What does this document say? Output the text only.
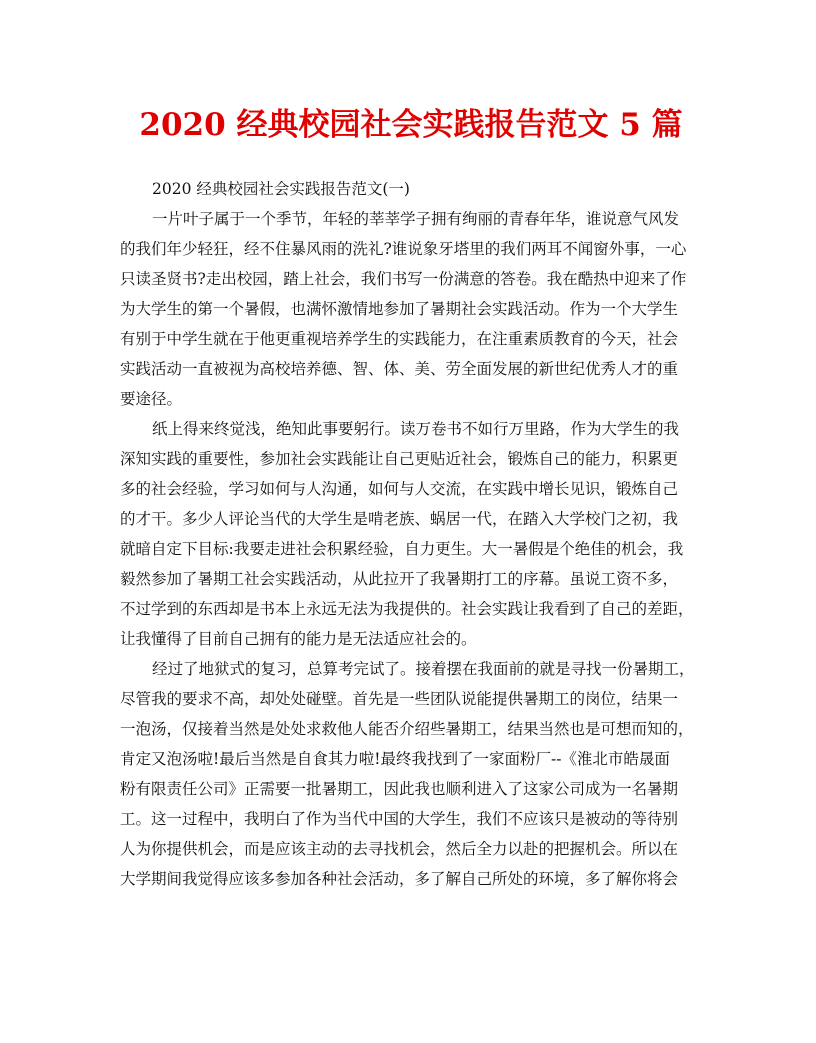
2020 经典校园社会实践报告范文 5 篇

2020 经典校园社会实践报告范文(一)

一片叶子属于一个季节，年轻的莘莘学子拥有绚丽的青春年华，谁说意气风发

的我们年少轻狂，经不住暴风雨的洗礼?谁说象牙塔里的我们两耳不闻窗外事，一心

只读圣贤书?走出校园，踏上社会，我们书写一份满意的答卷。我在酷热中迎来了作

为大学生的第一个暑假，也满怀激情地参加了暑期社会实践活动。作为一个大学生

有别于中学生就在于他更重视培养学生的实践能力，在注重素质教育的今天，社会

实践活动一直被视为高校培养德、智、体、美、劳全面发展的新世纪优秀人才的重

要途径。

纸上得来终觉浅，绝知此事要躬行。读万卷书不如行万里路，作为大学生的我

深知实践的重要性，参加社会实践能让自己更贴近社会，锻炼自己的能力，积累更

多的社会经验，学习如何与人沟通，如何与人交流，在实践中增长见识，锻炼自己

的才干。多少人评论当代的大学生是啃老族、蜗居一代，在踏入大学校门之初，我

就暗自定下目标:我要走进社会积累经验，自力更生。大一暑假是个绝佳的机会，我

毅然参加了暑期工社会实践活动，从此拉开了我暑期打工的序幕。虽说工资不多，

不过学到的东西却是书本上永远无法为我提供的。社会实践让我看到了自己的差距，

让我懂得了目前自己拥有的能力是无法适应社会的。

经过了地狱式的复习，总算考完试了。接着摆在我面前的就是寻找一份暑期工，

尽管我的要求不高，却处处碰壁。首先是一些团队说能提供暑期工的岗位，结果一

一泡汤，仅接着当然是处处求救他人能否介绍些暑期工，结果当然也是可想而知的，

肯定又泡汤啦!最后当然是自食其力啦!最终我找到了一家面粉厂--《淮北市皓晟面

粉有限责任公司》正需要一批暑期工，因此我也顺利进入了这家公司成为一名暑期

工。这一过程中，我明白了作为当代中国的大学生，我们不应该只是被动的等待别

人为你提供机会，而是应该主动的去寻找机会，然后全力以赴的把握机会。所以在

大学期间我觉得应该多参加各种社会活动，多了解自己所处的环境，多了解你将会
